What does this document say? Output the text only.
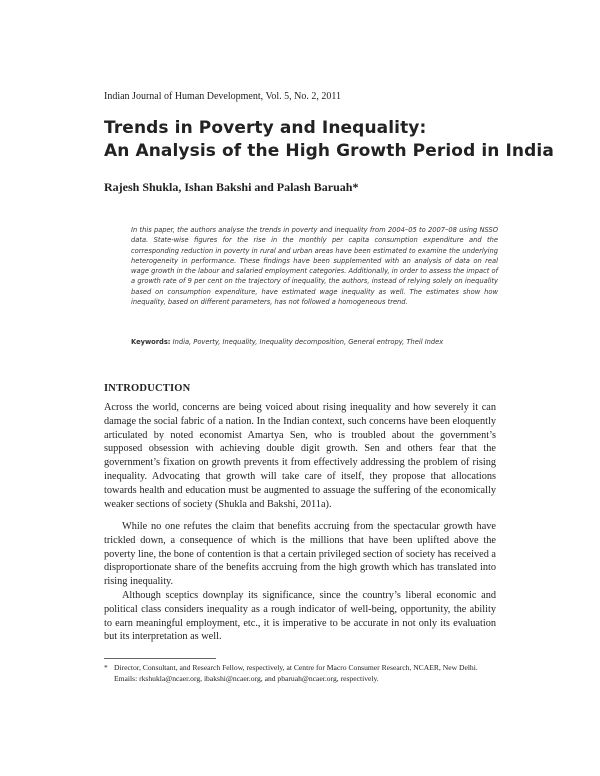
Indian Journal of Human Development, Vol. 5, No. 2, 2011
Trends in Poverty and Inequality:
An Analysis of the High Growth Period in India
Rajesh Shukla, Ishan Bakshi and Palash Baruah*
In this paper, the authors analyse the trends in poverty and inequality from 2004–05 to 2007–08 using NSSO data. State-wise figures for the rise in the monthly per capita consumption expenditure and the corresponding reduction in poverty in rural and urban areas have been estimated to examine the underlying heterogeneity in performance. These findings have been supplemented with an analysis of data on real wage growth in the labour and salaried employment categories. Additionally, in order to assess the impact of a growth rate of 9 per cent on the trajectory of inequality, the authors, instead of relying solely on inequality based on consumption expenditure, have estimated wage inequality as well. The estimates show how inequality, based on different parameters, has not followed a homogeneous trend.
Keywords: India, Poverty, Inequality, Inequality decomposition, General entropy, Theil Index
INTRODUCTION

Across the world, concerns are being voiced about rising inequality and how severely it can damage the social fabric of a nation. In the Indian context, such concerns have been eloquently articulated by noted economist Amartya Sen, who is troubled about the government’s supposed obsession with achieving double digit growth. Sen and others fear that the government’s fixation on growth prevents it from effectively addressing the problem of rising inequality. Advocating that growth will take care of itself, they propose that allocations towards health and education must be augmented to assuage the suffering of the economically weaker sections of society (Shukla and Bakshi, 2011a).

While no one refutes the claim that benefits accruing from the spectacular growth have trickled down, a consequence of which is the millions that have been uplifted above the poverty line, the bone of contention is that a certain privileged section of society has received a disproportionate share of the benefits accruing from the high growth which has translated into rising inequality.

Although sceptics downplay its significance, since the country’s liberal economic and political class considers inequality as a rough indicator of well-being, opportunity, the ability to earn meaningful employment, etc., it is imperative to be accurate in not only its evaluation but its interpretation as well.

* Director, Consultant, and Research Fellow, respectively, at Centre for Macro Consumer Research, NCAER, New Delhi. Emails: rkshukla@ncaer.org, ibakshi@ncaer.org, and pbaruah@ncaer.org, respectively.
